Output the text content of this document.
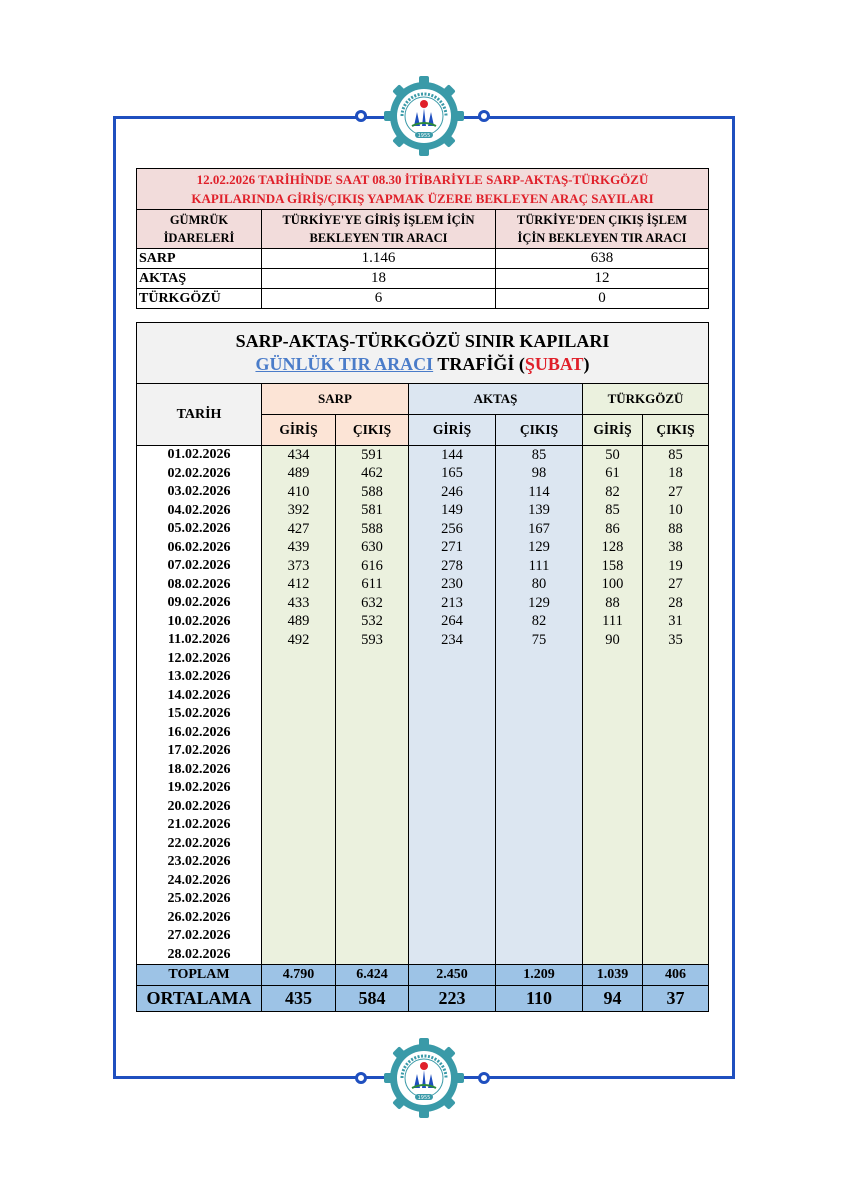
1955
1955
12.02.2026 TARİHİNDE SAAT 08.30 İTİBARİYLE SARP-AKTAŞ-TÜRKGÖZÜ
KAPILARINDA GİRİŞ/ÇIKIŞ YAPMAK ÜZERE BEKLEYEN ARAÇ SAYILARI		
GÜMRÜK
İDARELERİ	TÜRKİYE'YE GİRİŞ İŞLEM İÇİN
BEKLEYEN TIR ARACI	TÜRKİYE'DEN ÇIKIŞ İŞLEM
İÇİN BEKLEYEN TIR ARACI
SARP	1.146	638
AKTAŞ	18	12
TÜRKGÖZÜ	6	0
SARP-AKTAŞ-TÜRKGÖZÜ SINIR KAPILARI
GÜNLÜK TIR ARACI TRAFİĞİ (ŞUBAT)						
TARİH	SARP		AKTAŞ		TÜRKGÖZÜ	
	GİRİŞ	ÇIKIŞ	GİRİŞ	ÇIKIŞ	GİRİŞ	ÇIKIŞ
01.02.2026	434	591	144	85	50	85
02.02.2026	489	462	165	98	61	18
03.02.2026	410	588	246	114	82	27
04.02.2026	392	581	149	139	85	10
05.02.2026	427	588	256	167	86	88
06.02.2026	439	630	271	129	128	38
07.02.2026	373	616	278	111	158	19
08.02.2026	412	611	230	80	100	27
09.02.2026	433	632	213	129	88	28
10.02.2026	489	532	264	82	111	31
11.02.2026	492	593	234	75	90	35
12.02.2026						
13.02.2026						
14.02.2026						
15.02.2026						
16.02.2026						
17.02.2026						
18.02.2026						
19.02.2026						
20.02.2026						
21.02.2026						
22.02.2026						
23.02.2026						
24.02.2026						
25.02.2026						
26.02.2026						
27.02.2026						
28.02.2026						
TOPLAM	4.790	6.424	2.450	1.209	1.039	406
ORTALAMA	435	584	223	110	94	37
